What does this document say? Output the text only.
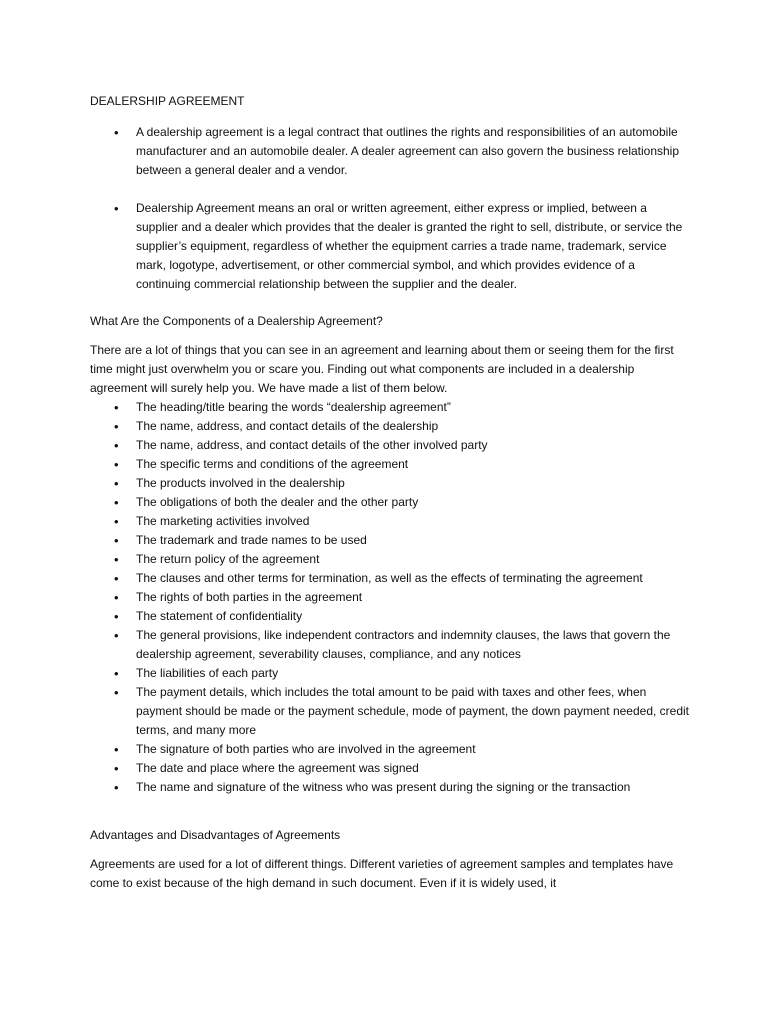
DEALERSHIP AGREEMENT

• A dealership agreement is a legal contract that outlines the rights and responsibilities of an automobile manufacturer and an automobile dealer. A dealer agreement can also govern the business relationship between a general dealer and a vendor.
• Dealership Agreement means an oral or written agreement, either express or implied, between a supplier and a dealer which provides that the dealer is granted the right to sell, distribute, or service the supplier’s equipment, regardless of whether the equipment carries a trade name, trademark, service mark, logotype, advertisement, or other commercial symbol, and which provides evidence of a continuing commercial relationship between the supplier and the dealer.

What Are the Components of a Dealership Agreement?

There are a lot of things that you can see in an agreement and learning about them or seeing them for the first time might just overwhelm you or scare you. Finding out what components are included in a dealership agreement will surely help you. We have made a list of them below.

• The heading/title bearing the words “dealership agreement”
• The name, address, and contact details of the dealership
• The name, address, and contact details of the other involved party
• The specific terms and conditions of the agreement
• The products involved in the dealership
• The obligations of both the dealer and the other party
• The marketing activities involved
• The trademark and trade names to be used
• The return policy of the agreement
• The clauses and other terms for termination, as well as the effects of terminating the agreement
• The rights of both parties in the agreement
• The statement of confidentiality
• The general provisions, like independent contractors and indemnity clauses, the laws that govern the dealership agreement, severability clauses, compliance, and any notices
• The liabilities of each party
• The payment details, which includes the total amount to be paid with taxes and other fees, when payment should be made or the payment schedule, mode of payment, the down payment needed, credit terms, and many more
• The signature of both parties who are involved in the agreement
• The date and place where the agreement was signed
• The name and signature of the witness who was present during the signing or the transaction

Advantages and Disadvantages of Agreements

Agreements are used for a lot of different things. Different varieties of agreement samples and templates have come to exist because of the high demand in such document. Even if it is widely used, it
